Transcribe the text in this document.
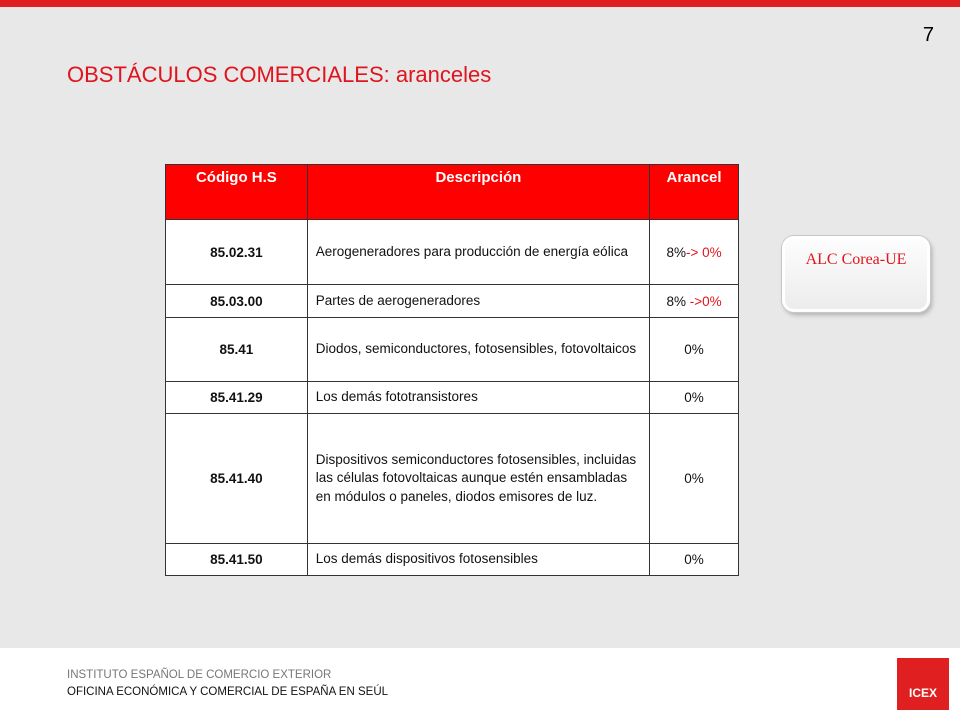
7
OBSTÁCULOS COMERCIALES: aranceles
Código H.S	Descripción	Arancel
85.02.31	Aerogeneradores para producción de energía eólica	8%-> 0%
85.03.00	Partes de aerogeneradores	8% ->0%
85.41	Diodos, semiconductores, fotosensibles, fotovoltaicos	0%
85.41.29	Los demás fototransistores	0%
85.41.40	Dispositivos semiconductores fotosensibles, incluidas las células fotovoltaicas aunque estén ensambladas en módulos o paneles, diodos emisores de luz.	0%
85.41.50	Los demás dispositivos fotosensibles	0%
ALC Corea-UE
INSTITUTO ESPAÑOL DE COMERCIO EXTERIOR
OFICINA ECONÓMICA Y COMERCIAL DE ESPAÑA EN SEÚL	ICEX
